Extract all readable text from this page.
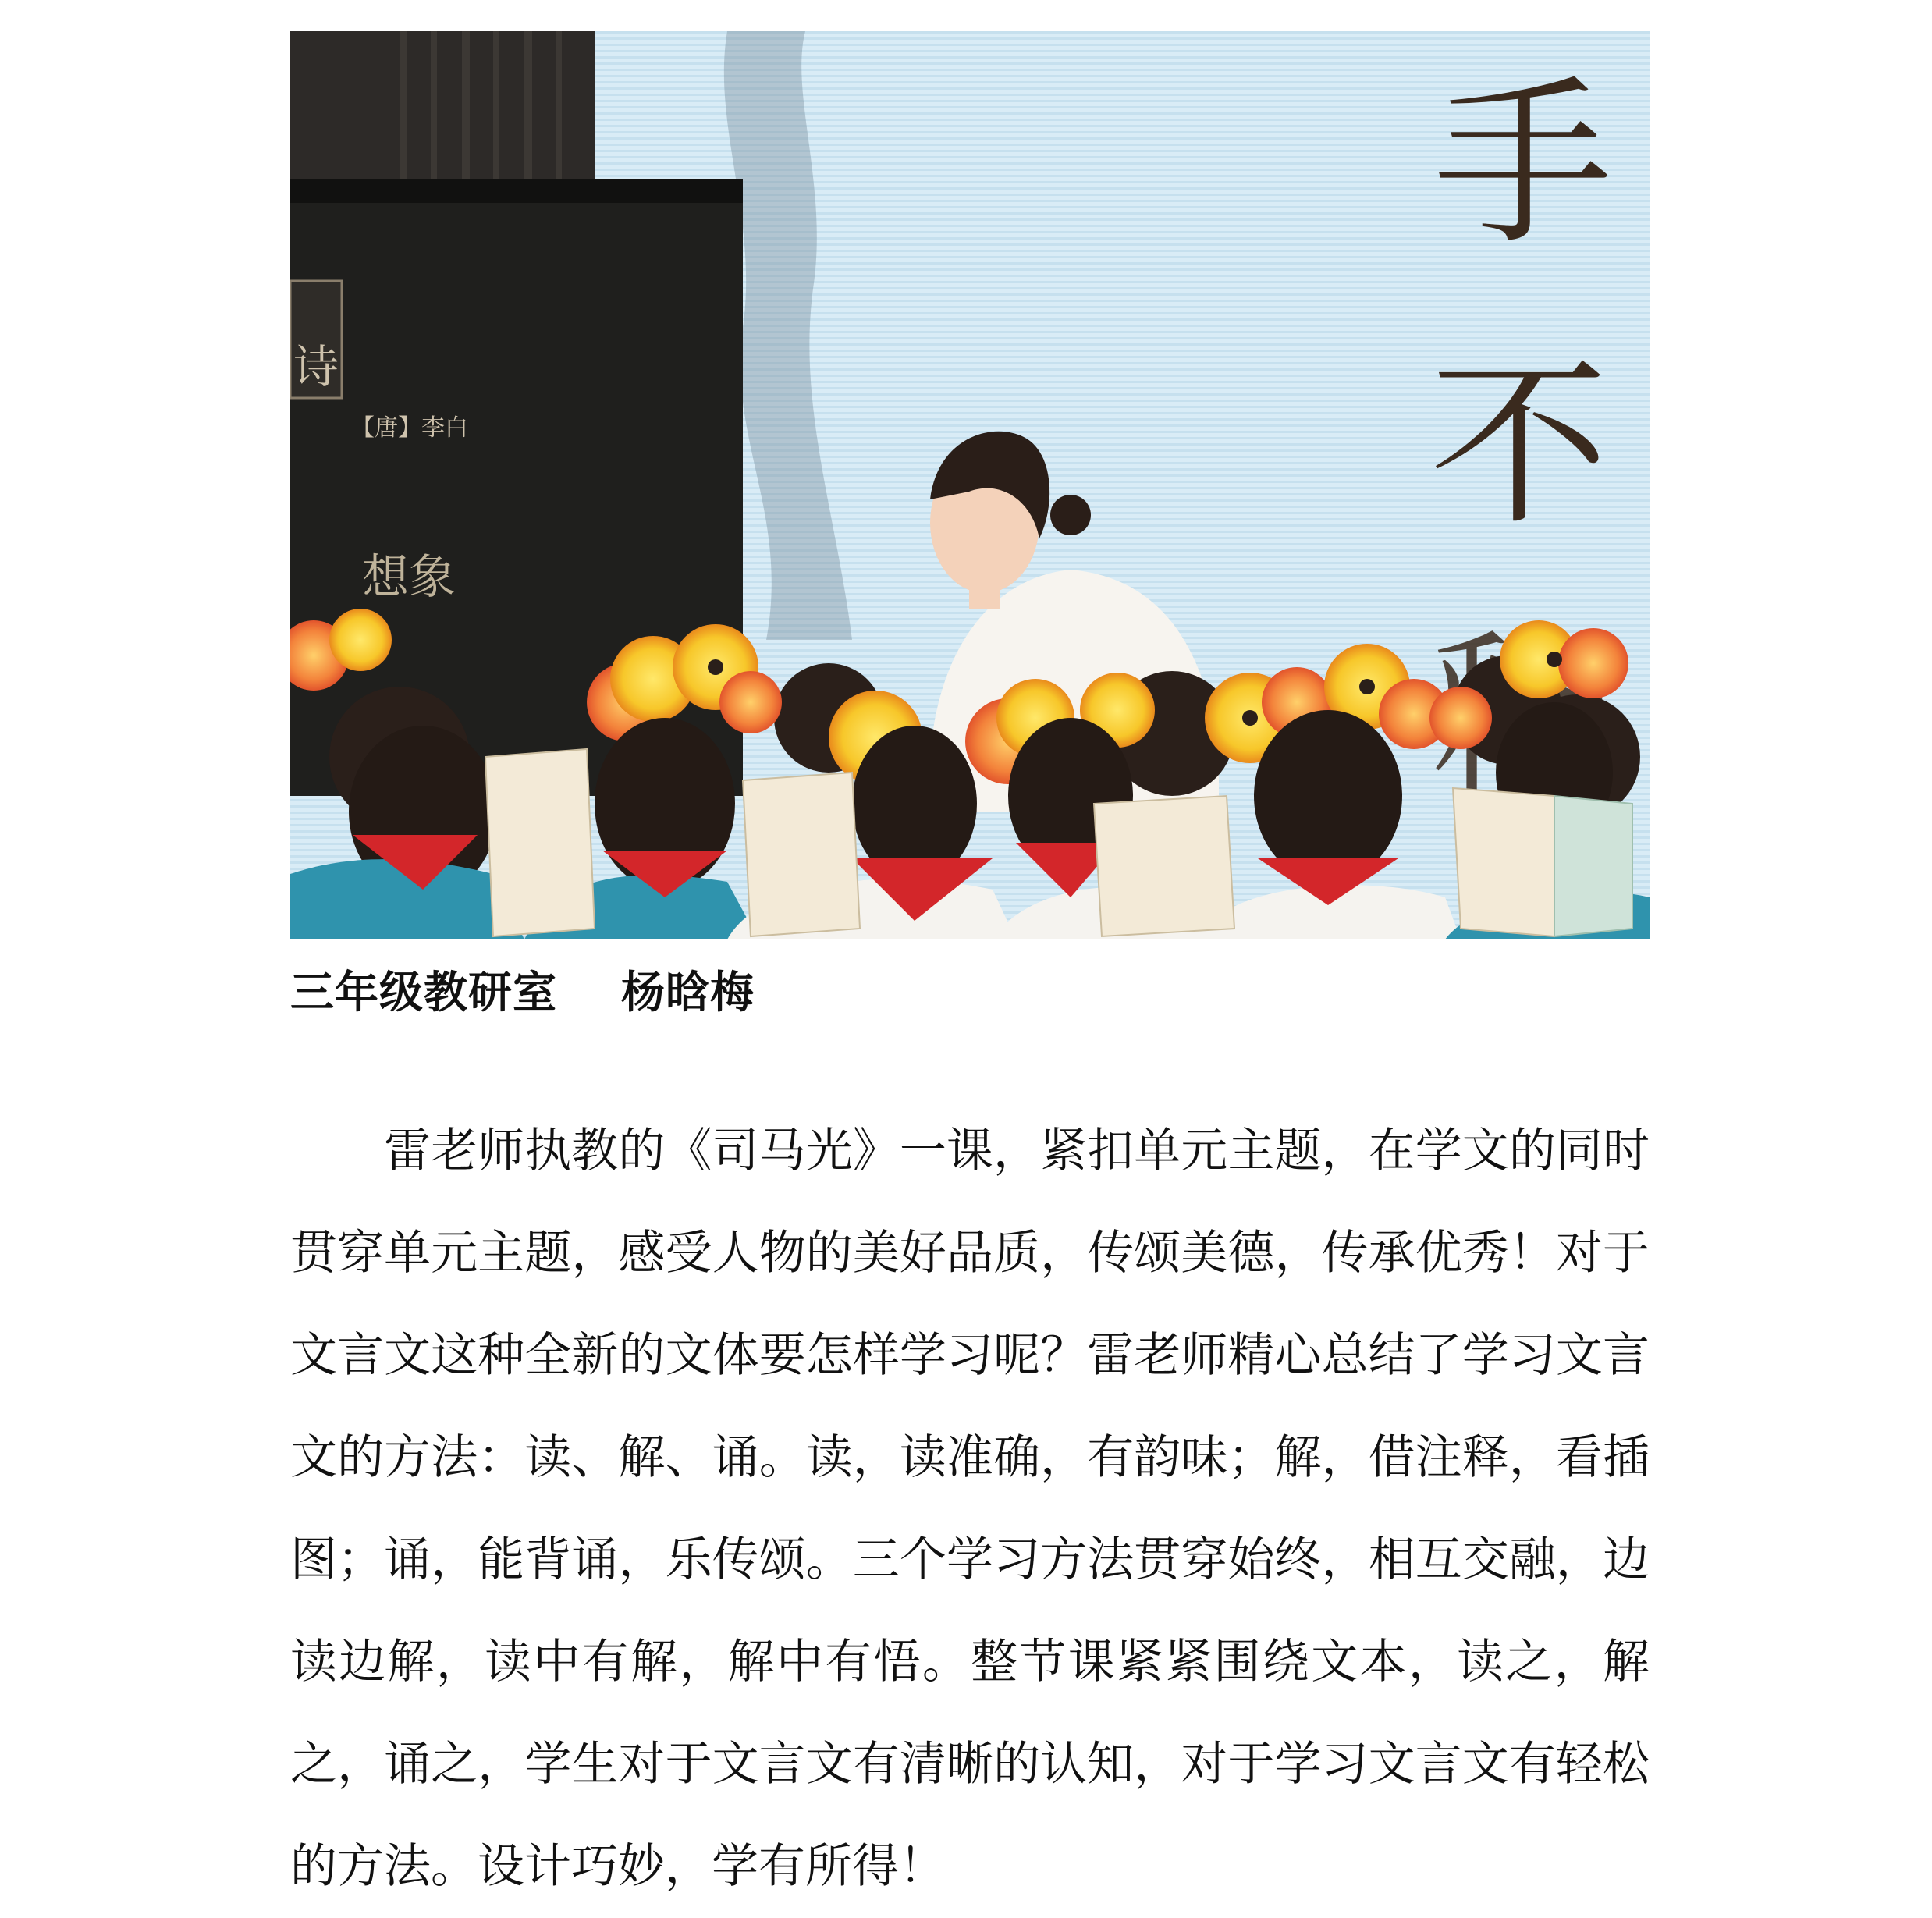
诗
【唐】李白
想象
手
不
三年级教研室    杨晗梅

雷老师执教的《司马光》一课，紧扣单元主题，在学文的同时贯穿单元主题，感受人物的美好品质，传颂美德，传承优秀！对于文言文这种全新的文体要怎样学习呢？雷老师精心总结了学习文言文的方法：读、解、诵。读，读准确，有韵味；解，借注释，看插图；诵，能背诵，乐传颂。三个学习方法贯穿始终，相互交融，边读边解，读中有解，解中有悟。整节课紧紧围绕文本，读之，解之，诵之，学生对于文言文有清晰的认知，对于学习文言文有轻松的方法。设计巧妙，学有所得！
